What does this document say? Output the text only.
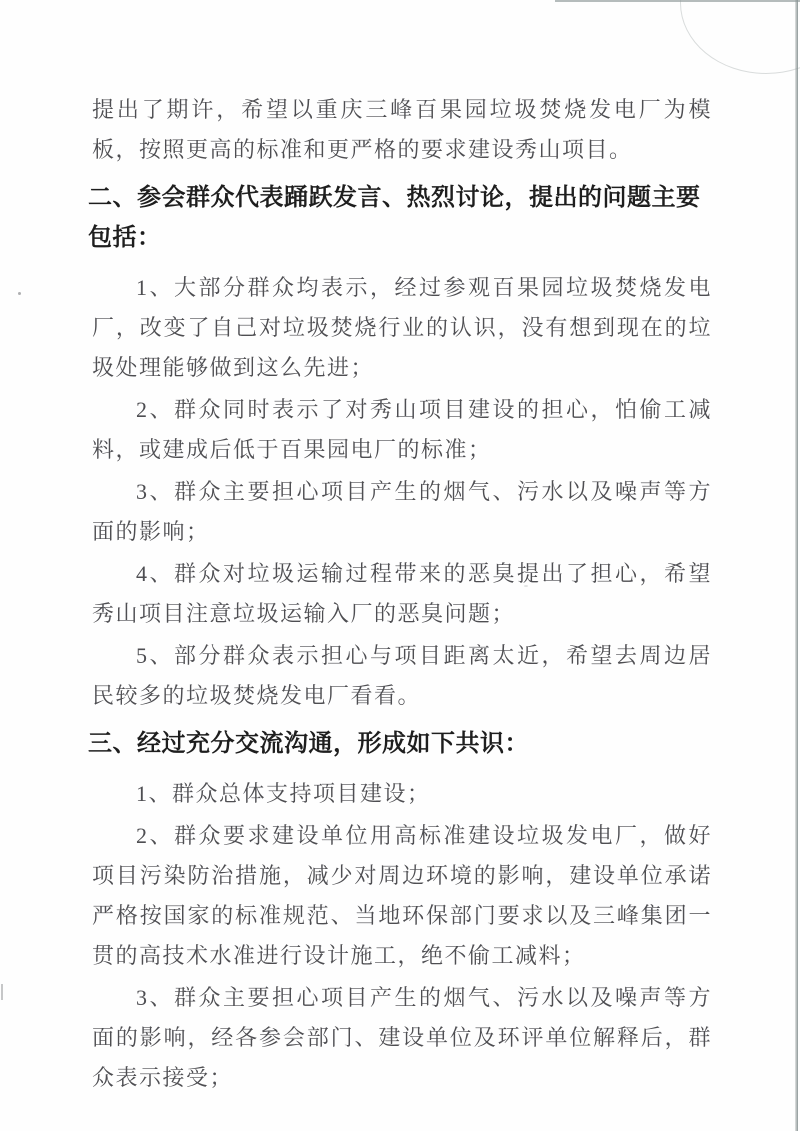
提出了期许，希望以重庆三峰百果园垃圾焚烧发电厂为模板，按照更高的标准和更严格的要求建设秀山项目。

二、参会群众代表踊跃发言、热烈讨论，提出的问题主要包括：

1、大部分群众均表示，经过参观百果园垃圾焚烧发电厂，改变了自己对垃圾焚烧行业的认识，没有想到现在的垃圾处理能够做到这么先进；

2、群众同时表示了对秀山项目建设的担心，怕偷工减料，或建成后低于百果园电厂的标准；

3、群众主要担心项目产生的烟气、污水以及噪声等方面的影响；

4、群众对垃圾运输过程带来的恶臭提出了担心，希望秀山项目注意垃圾运输入厂的恶臭问题；

5、部分群众表示担心与项目距离太近，希望去周边居民较多的垃圾焚烧发电厂看看。

三、经过充分交流沟通，形成如下共识：

1、群众总体支持项目建设；

2、群众要求建设单位用高标准建设垃圾发电厂，做好项目污染防治措施，减少对周边环境的影响，建设单位承诺严格按国家的标准规范、当地环保部门要求以及三峰集团一贯的高技术水准进行设计施工，绝不偷工减料；

3、群众主要担心项目产生的烟气、污水以及噪声等方面的影响，经各参会部门、建设单位及环评单位解释后，群众表示接受；
